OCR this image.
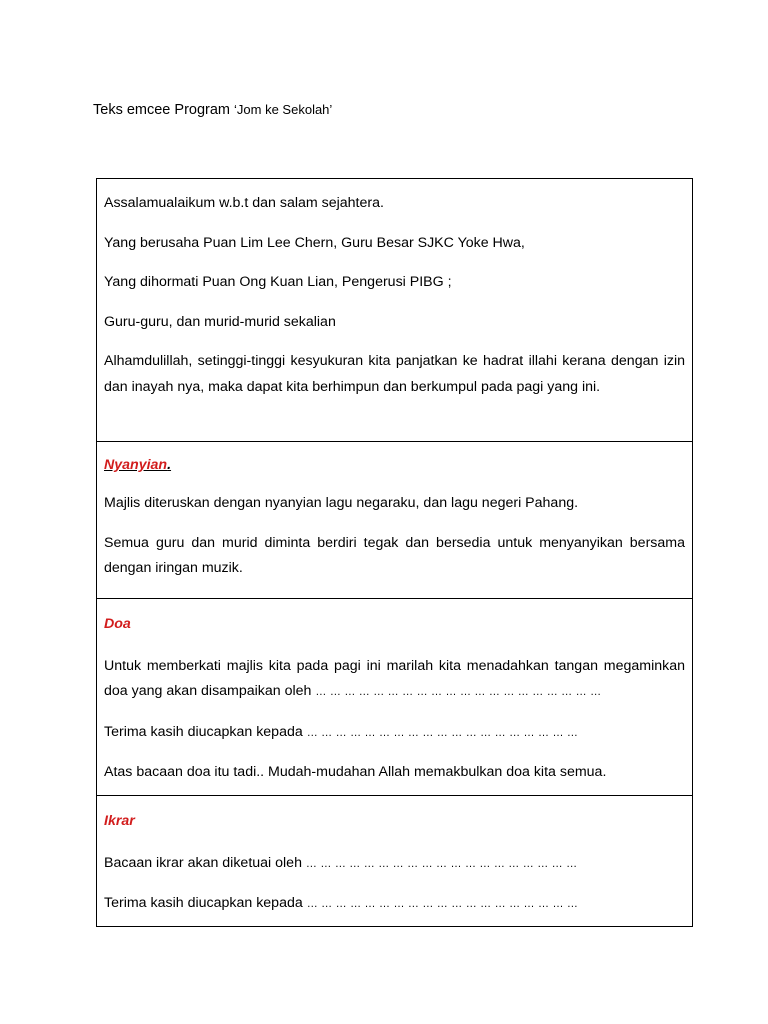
Teks emcee Program ‘Jom ke Sekolah’

Assalamualaikum w.b.t dan salam sejahtera.

Yang berusaha Puan Lim Lee Chern, Guru Besar SJKC Yoke Hwa,

Yang dihormati Puan Ong Kuan Lian, Pengerusi PIBG ;

Guru-guru, dan murid-murid sekalian

Alhamdulillah, setinggi-tinggi kesyukuran kita panjatkan ke hadrat illahi kerana dengan izin dan inayah nya, maka dapat kita berhimpun dan berkumpul pada pagi yang ini.

Nyanyian.

Majlis diteruskan dengan nyanyian lagu negaraku, dan lagu negeri Pahang.

Semua guru dan murid diminta berdiri tegak dan bersedia untuk menyanyikan bersama dengan iringan muzik.

Doa

Untuk memberkati majlis kita pada pagi ini marilah kita menadahkan tangan megaminkan doa yang akan disampaikan oleh … … … … … … … … … … … … … … … … … … … …

Terima kasih diucapkan kepada … … … … … … … … … … … … … … … … … … …

Atas bacaan doa itu tadi.. Mudah-mudahan Allah memakbulkan doa kita semua.

Ikrar

Bacaan ikrar akan diketuai oleh … … … … … … … … … … … … … … … … … … …

Terima kasih diucapkan kepada … … … … … … … … … … … … … … … … … … …
